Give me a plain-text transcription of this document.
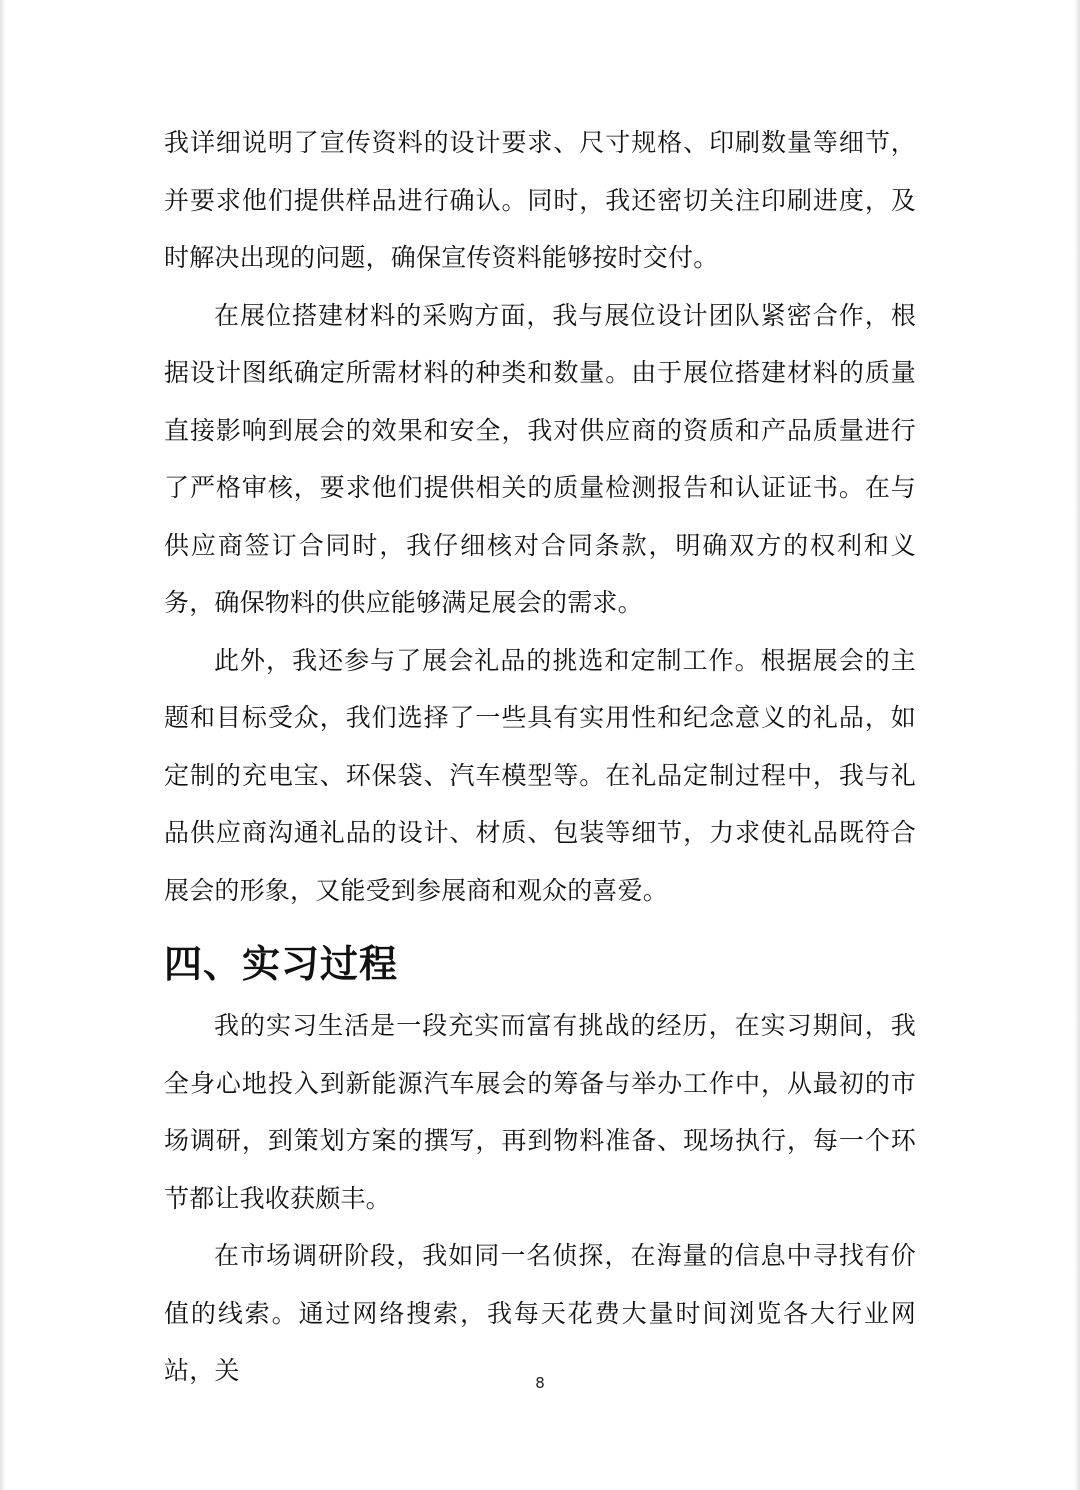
我详细说明了宣传资料的设计要求、尺寸规格、印刷数量等细节，并要求他们提供样品进行确认。同时，我还密切关注印刷进度，及时解决出现的问题，确保宣传资料能够按时交付。

在展位搭建材料的采购方面，我与展位设计团队紧密合作，根据设计图纸确定所需材料的种类和数量。由于展位搭建材料的质量直接影响到展会的效果和安全，我对供应商的资质和产品质量进行了严格审核，要求他们提供相关的质量检测报告和认证证书。在与供应商签订合同时，我仔细核对合同条款，明确双方的权利和义务，确保物料的供应能够满足展会的需求。

此外，我还参与了展会礼品的挑选和定制工作。根据展会的主题和目标受众，我们选择了一些具有实用性和纪念意义的礼品，如定制的充电宝、环保袋、汽车模型等。在礼品定制过程中，我与礼品供应商沟通礼品的设计、材质、包装等细节，力求使礼品既符合展会的形象，又能受到参展商和观众的喜爱。

四、实习过程

我的实习生活是一段充实而富有挑战的经历，在实习期间，我全身心地投入到新能源汽车展会的筹备与举办工作中，从最初的市场调研，到策划方案的撰写，再到物料准备、现场执行，每一个环节都让我收获颇丰。

在市场调研阶段，我如同一名侦探，在海量的信息中寻找有价值的线索。通过网络搜索，我每天花费大量时间浏览各大行业网站，关	8
